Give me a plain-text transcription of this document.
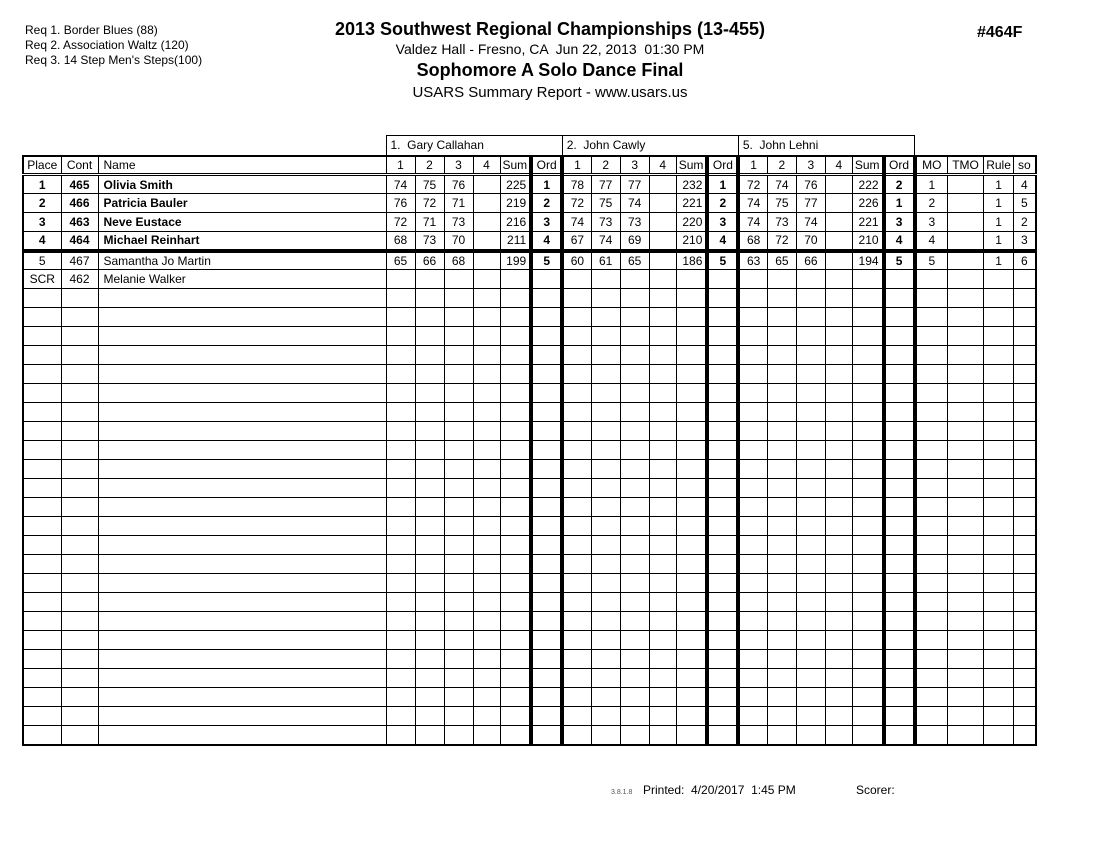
Req 1. Border Blues (88)
Req 2. Association Waltz (120)
Req 3. 14 Step Men's Steps(100)
2013 Southwest Regional Championships (13-455)
Valdez Hall - Fresno, CA  Jun 22, 2013  01:30 PM
Sophomore A Solo Dance Final
USARS Summary Report - www.usars.us
#464F
			1.  Gary Callahan						2.  John Cawly						5.  John Lehni									
Place	Cont	Name	1	2	3	4	Sum	Ord	1	2	3	4	Sum	Ord	1	2	3	4	Sum	Ord	MO	TMO	Rule	so
1	465	Olivia Smith	74	75	76		225	1	78	77	77		232	1	72	74	76		222	2	1		1	4
2	466	Patricia Bauler	76	72	71		219	2	72	75	74		221	2	74	75	77		226	1	2		1	5
3	463	Neve Eustace	72	71	73		216	3	74	73	73		220	3	74	73	74		221	3	3		1	2
4	464	Michael Reinhart	68	73	70		211	4	67	74	69		210	4	68	72	70		210	4	4		1	3
5	467	Samantha Jo Martin	65	66	68		199	5	60	61	65		186	5	63	65	66		194	5	5		1	6
SCR	462	Melanie Walker																						

3.8.1.8 Printed:  4/20/2017  1:45 PM	Scorer:
